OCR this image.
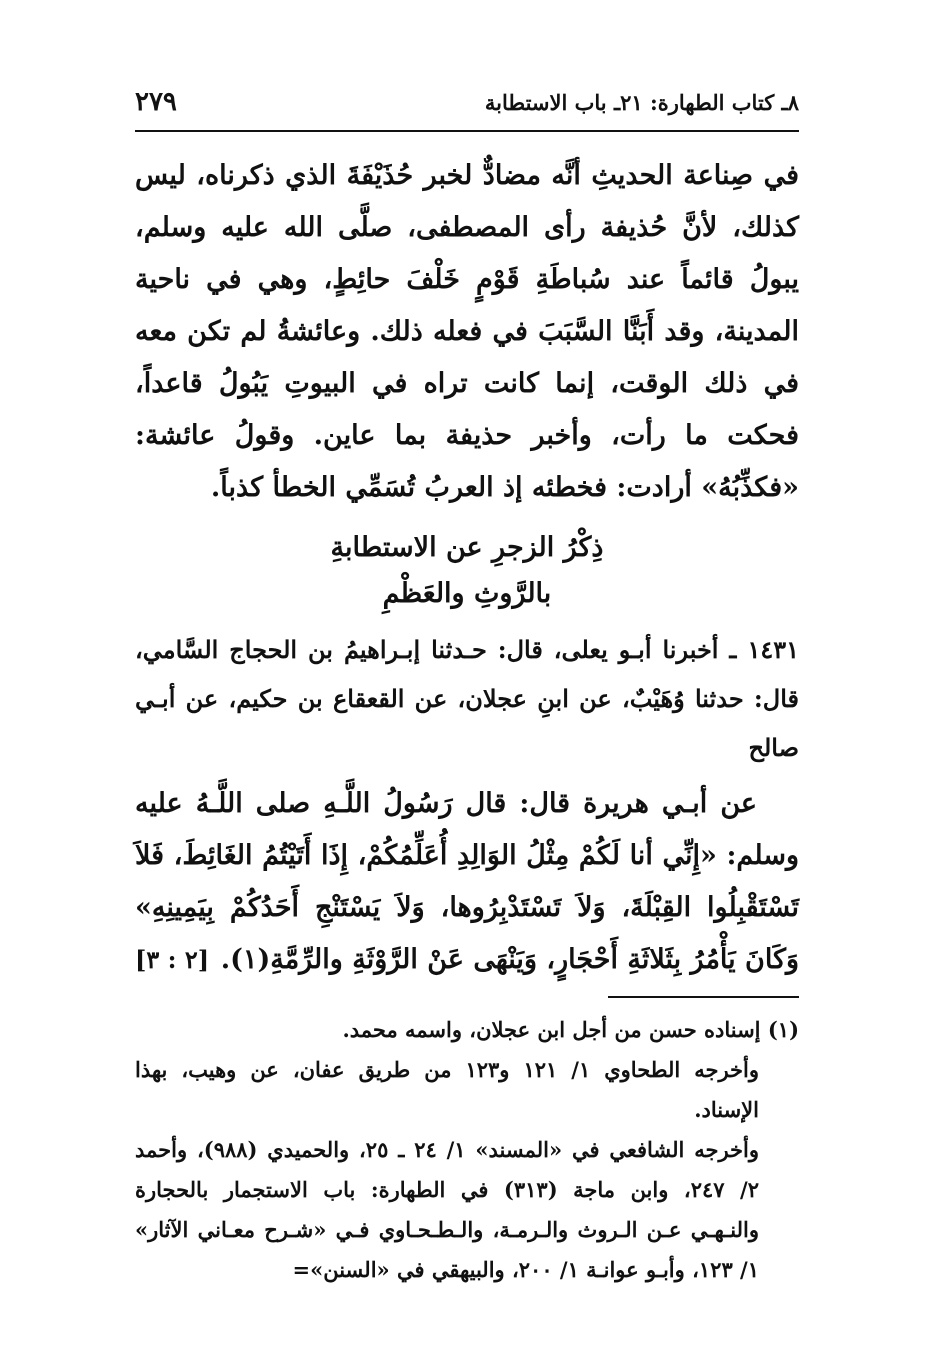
٨ـ كتاب الطهارة: ٢١ـ باب الاستطابة
٢٧٩
في صِناعة الحديثِ أنَّه مضادٌّ لخبر حُذَيْفَةَ الذي ذكرناه، ليس كذلك، لأنَّ حُذيفة رأى المصطفى، صلَّى الله عليه وسلم، يبولُ قائماً عند سُباطَةِ قَوْمٍ خَلْفَ حائِطٍ، وهي في ناحية المدينة، وقد أَبَنَّا السَّبَبَ في فعله ذلك. وعائشةُ لم تكن معه في ذلك الوقت، إنما كانت تراه في البيوتِ يَبُولُ قاعداً، فحكت ما رأت، وأخبر حذيفة بما عاين. وقولُ عائشة: «فكذِّبُهُ» أرادت: فخطئه إذ العربُ تُسَمِّي الخطأ كذباً.
ذِكْرُ الزجرِ عن الاستطابةِ
بالرَّوثِ والعَظْمِ
١٤٣١ ـ أخبرنا أبـو يعلى، قال: حـدثنا إبـراهيمُ بن الحجاج السَّامي، قال: حدثنا وُهَيْبٌ، عن ابنِ عجلان، عن القعقاع بن حكيم، عن أبـي صالح
عن أبـي هريرة قال: قال رَسُولُ اللَّـهِ صلى اللَّـهُ عليه وسلم: «إِنِّي أنا لَكُمْ مِثْلُ الوَالِدِ أُعَلِّمُكُمْ، إِذَا أَتَيْتُمُ الغَائِطَ، فَلاَ تَسْتَقْبِلُوا القِبْلَةَ، وَلاَ تَسْتَدْبِرُوها، وَلاَ يَسْتَنْجِ أَحَدُكُمْ بِيَمِينِهِ» وَكَانَ يَأْمُرُ بِثَلاثَةِ أَحْجَارٍ، وَيَنْهَى عَنْ الرَّوْثَةِ والرِّمَّةِ(١).
[٢ : ٣]

(١) إسناده حسن من أجل ابن عجلان، واسمه محمد.

وأخرجه الطحاوي ١/ ١٢١ و١٢٣ من طريق عفان، عن وهيب، بهذا الإسناد.

وأخرجه الشافعي في «المسند» ١/ ٢٤ ـ ٢٥، والحميدي (٩٨٨)، وأحمد ٢/ ٢٤٧، وابن ماجة (٣١٣) في الطهارة: باب الاستجمار بالحجارة والنـهـي عـن الـروث والـرمـة، والـطـحـاوي فـي «شـرح معـاني الآثار» ١/ ١٢٣، وأبـو عوانـة ١/ ٢٠٠، والبيهقي في «السنن»=
